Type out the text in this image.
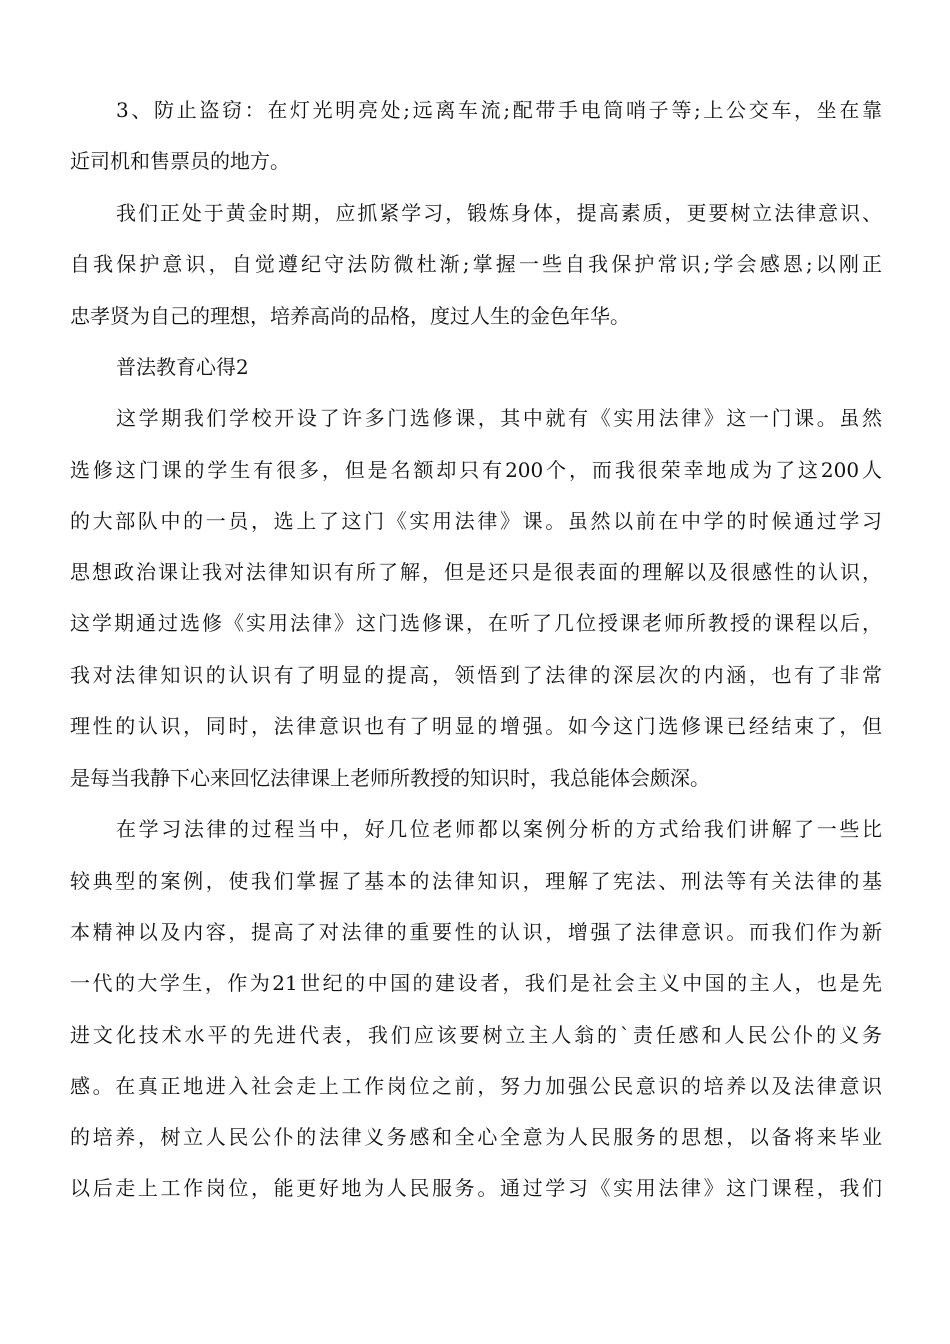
3、防止盗窃：在灯光明亮处;远离车流;配带手电筒哨子等;上公交车，坐在靠
近司机和售票员的地方。
我们正处于黄金时期，应抓紧学习，锻炼身体，提高素质，更要树立法律意识、
自我保护意识，自觉遵纪守法防微杜渐;掌握一些自我保护常识;学会感恩;以刚正
忠孝贤为自己的理想，培养高尚的品格，度过人生的金色年华。
普法教育心得2
这学期我们学校开设了许多门选修课，其中就有《实用法律》这一门课。虽然
选修这门课的学生有很多，但是名额却只有200个，而我很荣幸地成为了这200人
的大部队中的一员，选上了这门《实用法律》课。虽然以前在中学的时候通过学习
思想政治课让我对法律知识有所了解，但是还只是很表面的理解以及很感性的认识，
这学期通过选修《实用法律》这门选修课，在听了几位授课老师所教授的课程以后，
我对法律知识的认识有了明显的提高，领悟到了法律的深层次的内涵，也有了非常
理性的认识，同时，法律意识也有了明显的增强。如今这门选修课已经结束了，但
是每当我静下心来回忆法律课上老师所教授的知识时，我总能体会颇深。
在学习法律的过程当中，好几位老师都以案例分析的方式给我们讲解了一些比
较典型的案例，使我们掌握了基本的法律知识，理解了宪法、刑法等有关法律的基
本精神以及内容，提高了对法律的重要性的认识，增强了法律意识。而我们作为新
一代的大学生，作为21世纪的中国的建设者，我们是社会主义中国的主人，也是先
进文化技术水平的先进代表，我们应该要树立主人翁的`责任感和人民公仆的义务
感。在真正地进入社会走上工作岗位之前，努力加强公民意识的培养以及法律意识
的培养，树立人民公仆的法律义务感和全心全意为人民服务的思想，以备将来毕业
以后走上工作岗位，能更好地为人民服务。通过学习《实用法律》这门课程，我们
